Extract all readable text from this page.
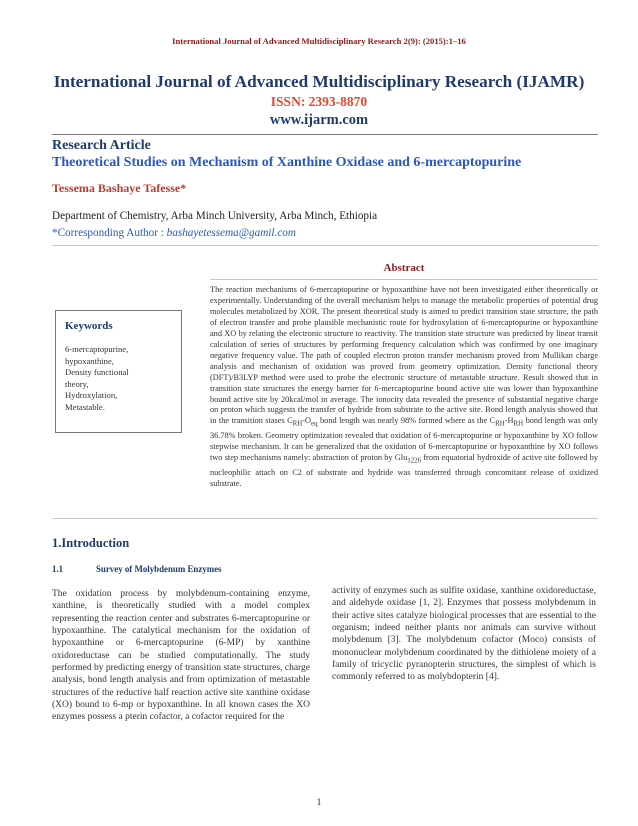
International Journal of Advanced Multidisciplinary Research 2(9): (2015):1–16
International Journal of Advanced Multidisciplinary Research (IJAMR)
ISSN: 2393-8870
www.ijarm.com
Research Article
Theoretical Studies on Mechanism of Xanthine Oxidase and 6-mercaptopurine
Tessema Bashaye Tafesse*
Department of Chemistry, Arba Minch University, Arba Minch, Ethiopia
*Corresponding Author : bashayetessema@gamil.com
Abstract
The reaction mechanisms of 6-mercaptopurine or hypoxanthine have not been investigated either theoretically or experimentally. Understanding of the overall mechanism helps to manage the metabolic properties of potential drug molecules metabolized by XOR. The present theoretical study is aimed to predict transition state structure, the path of electron transfer and probe plausible mechanistic route for hydroxylation of 6-mercaptopurine or hypoxanthine and XO by relating the electronic structure to reactivity. The transition state structure was predicted by linear transit calculation of series of structures by performing frequency calculation which was confirmed by one imaginary negative frequency value. The path of coupled electron proton transfer mechanism proved from Mullikan charge analysis and mechanism of oxidation was proved from geometry optimization. Density functional theory (DFT)/B3LYP method were used to probe the electronic structure of metastable structure. Result showed that in transition state structures the energy barrier for 6-mercaptopurine bound active site was lower than hypoxanthine bound active site by 20kcal/mol in average. The ionocity data revealed the presence of substantial negative charge on proton which suggests the transfer of hydride from substrate to the active site. Bond length analysis showed that in the transition stases $C_{RH}-O_{eq}$ bond length was nearly 98% formed where as the $C_{RH}-H_{RH}$ bond length was only 36.78% broken. Geometry optimization revealed that oxidation of 6-mercaptopurine or hypoxanthine by XO follow stepwise mechanism. It can be generalized that the oxidation of 6-mercaptopurine or hypoxanthine by XO follows two step mechanisms namely: abstraction of proton by Glu$_{1226}$ from equatorial hydroxide of active site followed by nucleophilic attach on C2 of substrate and hydride was transferred through concomitant release of oxidized substrate.
Keywords
6-mercaptopurine,
hypoxanthine,
Density functional
theory,
Hydroxylation,
Metastable.
1.Introduction
1.1	Survey of Molybdenum Enzymes
The oxidation process by molybdenum-containing enzyme, xanthine, is theoretically studied with a model complex representing the reaction center and substrates 6-mercaptopurine or hypoxanthine. The catalytical mechanism for the oxidation of hypoxanthine or 6-mercaptopurine (6-MP) by xanthine oxidoreductase can be studied computationally. The study performed by predicting energy of transition state structures, charge analysis, bond length analysis and from optimization of metastable structures of the reductive half reaction active site xanthine oxidase (XO) bound to 6-mp or hypoxanthine. In all known cases the XO enzymes possess a pterin cofactor, a cofactor required for the
activity of enzymes such as sulfite oxidase, xanthine oxidoreductase, and aldehyde oxidase [1, 2]. Enzymes that possess molybdenum in their active sites catalyze biological processes that are essential to the organism; indeed neither plants nor animals can survive without molybdenum [3]. The molybdenum cofactor (Moco) consists of mononuclear molybdenum coordinated by the dithiolene moiety of a family of tricyclic pyranopterin structures, the simplest of which is commonly referred to as molybdopterin [4].
1
